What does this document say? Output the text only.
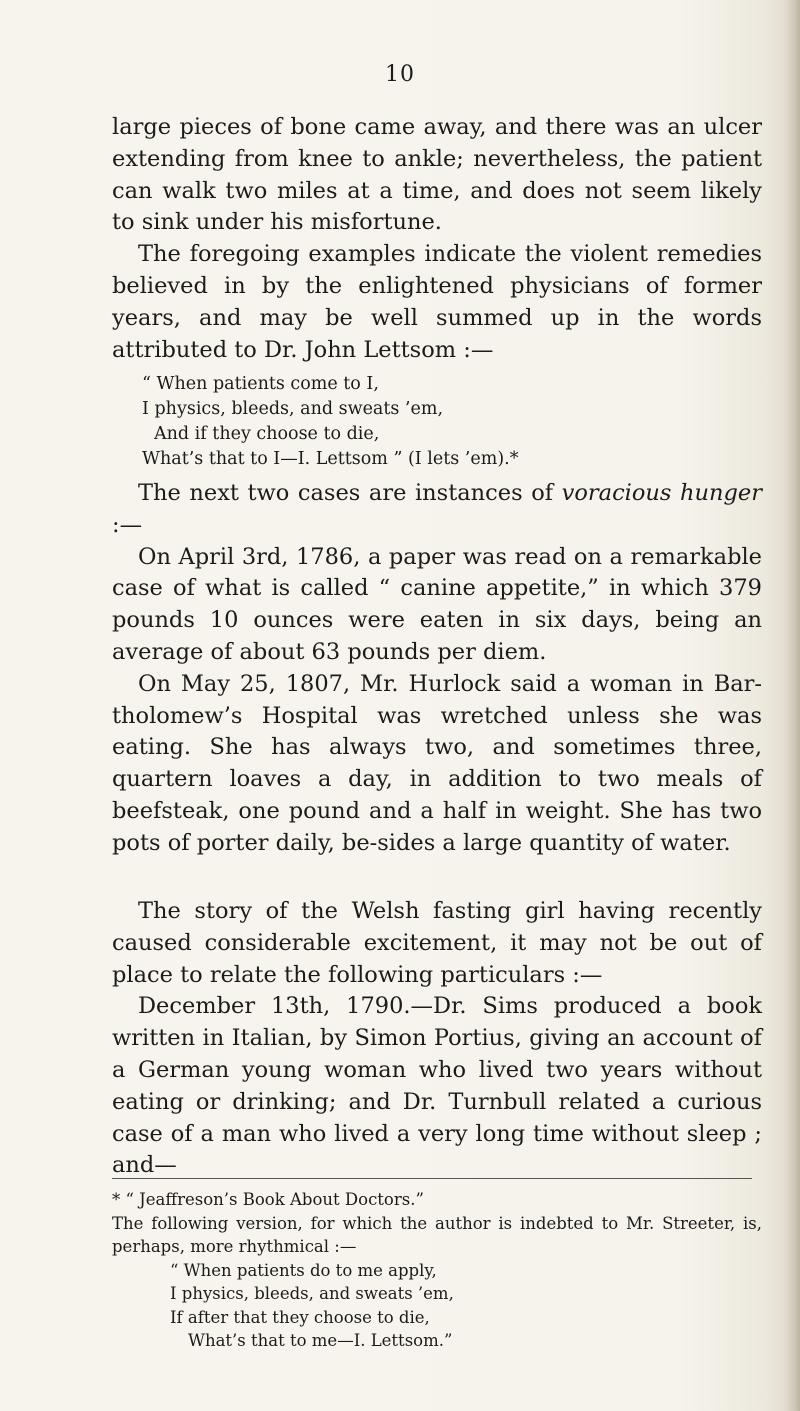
10

large pieces of bone came away, and there was an ulcer extending from knee to ankle; nevertheless, the patient can walk two miles at a time, and does not seem likely to sink under his misfortune.

The foregoing examples indicate the violent remedies believed in by the enlightened physicians of former years, and may be well summed up in the words attributed to Dr. John Lettsom :—

“ When patients come to I,
I physics, bleeds, and sweats ’em,
And if they choose to die,
What’s that to I—I. Lettsom ” (I lets ’em).*

The next two cases are instances of voracious hunger :—

On April 3rd, 1786, a paper was read on a remarkable case of what is called “ canine appetite,” in which 379 pounds 10 ounces were eaten in six days, being an average of about 63 pounds per diem.

On May 25, 1807, Mr. Hurlock said a woman in Bar-tholomew’s Hospital was wretched unless she was eating. She has always two, and sometimes three, quartern loaves a day, in addition to two meals of beefsteak, one pound and a half in weight. She has two pots of porter daily, be-sides a large quantity of water.

The story of the Welsh fasting girl having recently caused considerable excitement, it may not be out of place to relate the following particulars :—

December 13th, 1790.—Dr. Sims produced a book written in Italian, by Simon Portius, giving an account of a German young woman who lived two years without eating or drinking; and Dr. Turnbull related a curious case of a man who lived a very long time without sleep ; and—

* “ Jeaffreson’s Book About Doctors.”

The following version, for which the author is indebted to Mr. Streeter, is, perhaps, more rhythmical :—

“ When patients do to me apply,
I physics, bleeds, and sweats ’em,
If after that they choose to die,
What’s that to me—I. Lettsom.”
